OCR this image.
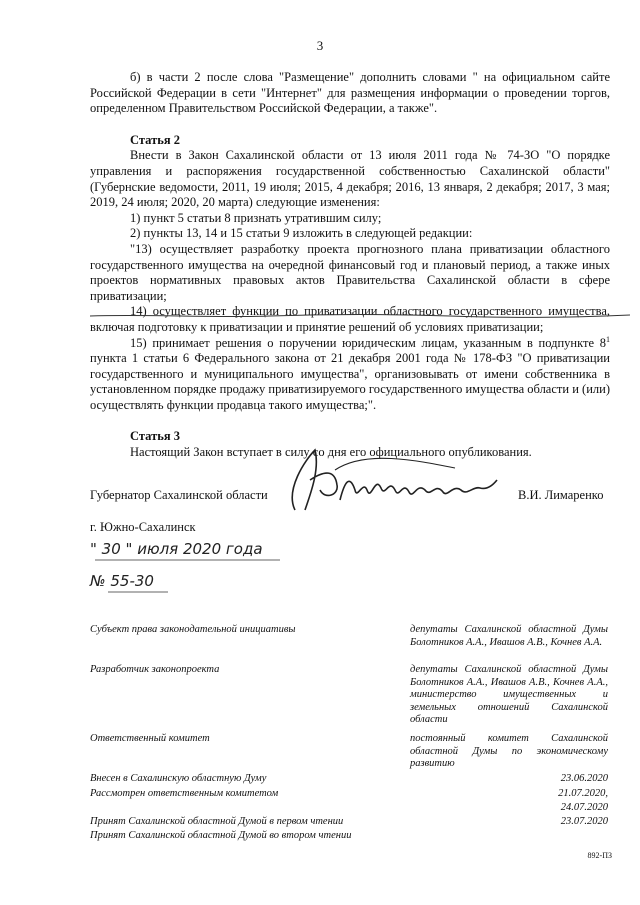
3

б) в части 2 после слова "Размещение" дополнить словами " на официальном сайте Российской Федерации в сети "Интернет" для размещения информации о проведении торгов, определенном Правительством Российской Федерации, а также".

Статья 2

Внести в Закон Сахалинской области от 13 июля 2011 года № 74-ЗО "О порядке управления и распоряжения государственной собственностью Сахалинской области" (Губернские ведомости, 2011, 19 июля; 2015, 4 декабря; 2016, 13 января, 2 декабря; 2017, 3 мая; 2019, 24 июля; 2020, 20 марта) следующие изменения:

1) пункт 5 статьи 8 признать утратившим силу;

2) пункты 13, 14 и 15 статьи 9 изложить в следующей редакции:

"13) осуществляет разработку проекта прогнозного плана приватизации областного государственного имущества на очередной финансовый год и плановый период, а также иных проектов нормативных правовых актов Правительства Сахалинской области в сфере приватизации;

14) осуществляет функции по приватизации областного государственного имущества, включая подготовку к приватизации и принятие решений об условиях приватизации;

15) принимает решения о поручении юридическим лицам, указанным в подпункте $8^1$ пункта 1 статьи 6 Федерального закона от 21 декабря 2001 года № 178-ФЗ "О приватизации государственного и муниципального имущества", организовывать от имени собственника в установленном порядке продажу приватизируемого государственного имущества области и (или) осуществлять функции продавца такого имущества;".

Статья 3

Настоящий Закон вступает в силу со дня его официального опубликования.

Губернатор Сахалинской области	В.И. Лимаренко
г. Южно-Сахалинск
" 30 " июля 2020 года
№ 55-30
Субъект права законодательной инициативы	депутаты Сахалинской областной Думы Болотников А.А., Ивашов А.В., Кочнев А.А.
Разработчик законопроекта	депутаты Сахалинской областной Думы Болотников А.А., Ивашов А.В., Кочнев А.А., министерство имущественных и земельных отношений Сахалинской области
Ответственный комитет	постоянный комитет Сахалинской областной Думы по экономическому развитию
Внесен в Сахалинскую областную Думу	23.06.2020
Рассмотрен ответственным комитетом	21.07.2020,
24.07.2020
Принят Сахалинской областной Думой в первом чтении	23.07.2020
Принят Сахалинской областной Думой во втором чтении
892-ПЗ
